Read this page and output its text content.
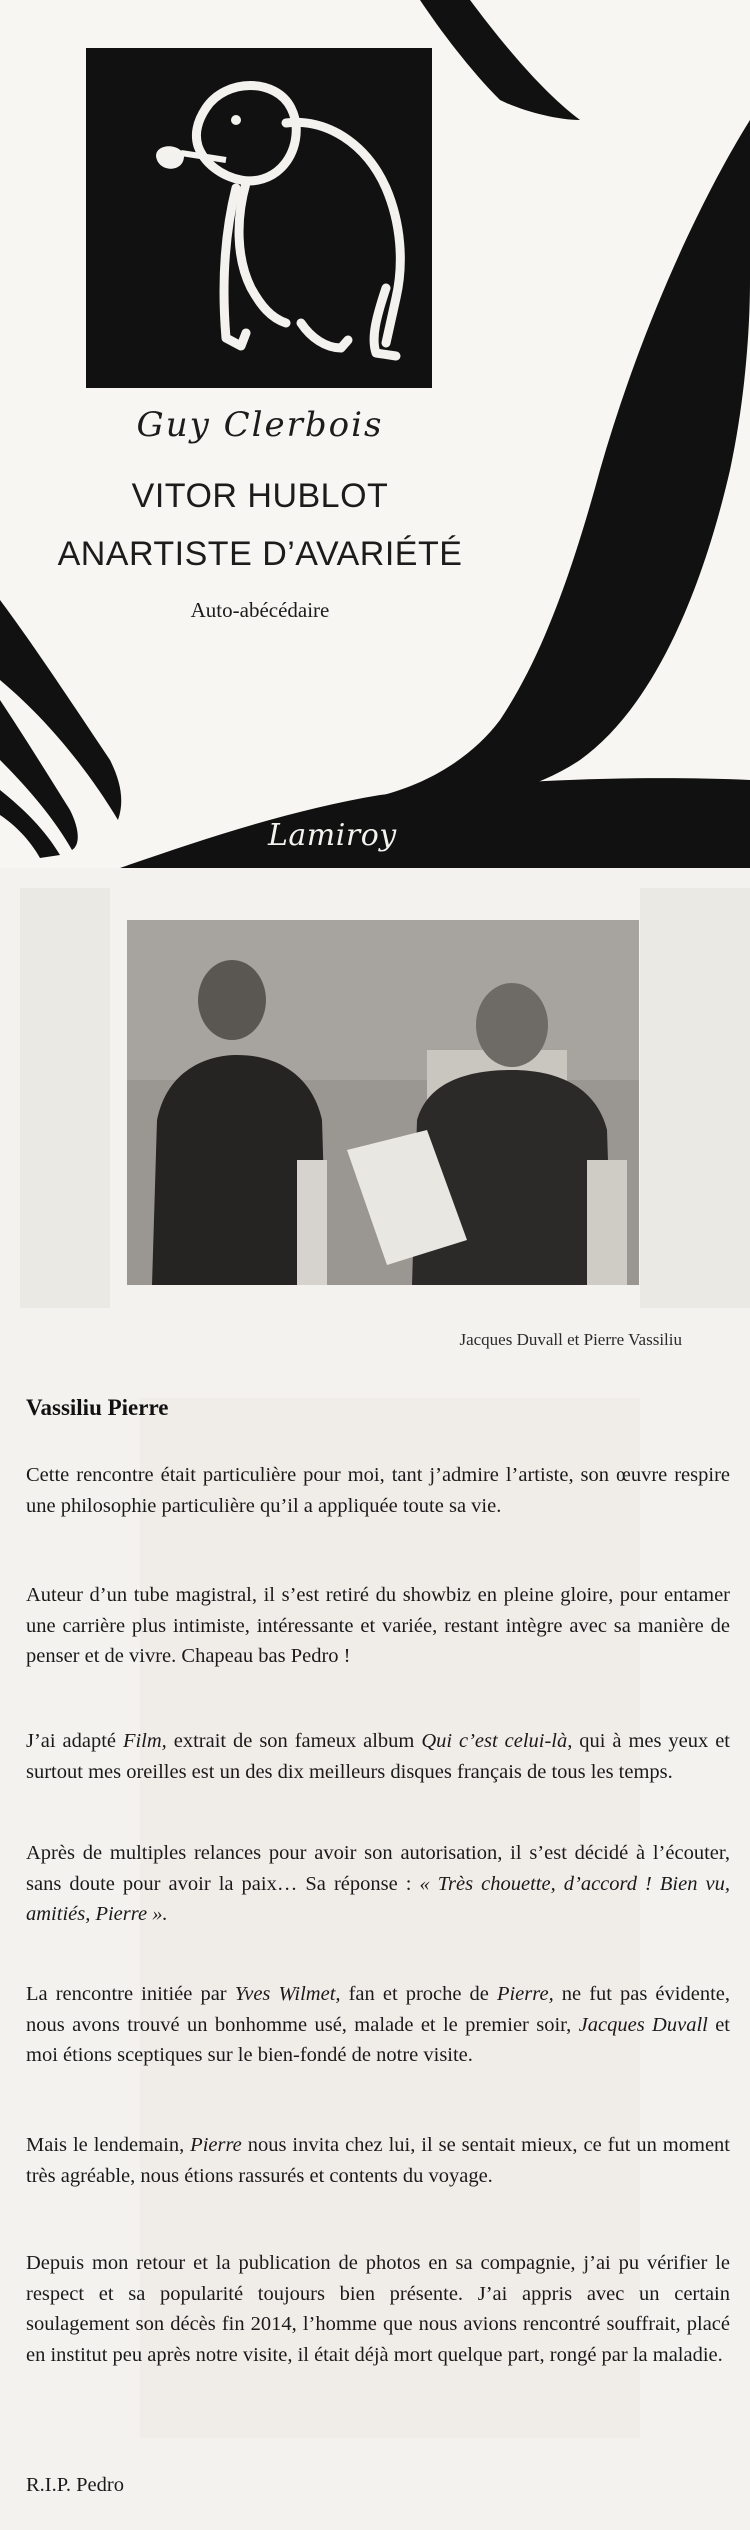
Guy Clerbois
VITOR HUBLOT
ANARTISTE D’AVARIÉTÉ
Auto-abécédaire
Lamiroy
Jacques Duvall et Pierre Vassiliu
Vassiliu Pierre
Cette rencontre était particulière pour moi, tant j’admire l’artiste, son œuvre respire une philosophie particulière qu’il a appliquée toute sa vie.
Auteur d’un tube magistral, il s’est retiré du showbiz en pleine gloire, pour entamer une carrière plus intimiste, intéressante et variée, restant intègre avec sa manière de penser et de vivre. Chapeau bas Pedro !
J’ai adapté Film, extrait de son fameux album Qui c’est celui-là, qui à mes yeux et surtout mes oreilles est un des dix meilleurs disques français de tous les temps.
Après de multiples relances pour avoir son autorisation, il s’est décidé à l’écouter, sans doute pour avoir la paix… Sa réponse : « Très chouette, d’accord ! Bien vu, amitiés, Pierre ».
La rencontre initiée par Yves Wilmet, fan et proche de Pierre, ne fut pas évidente, nous avons trouvé un bonhomme usé, malade et le premier soir, Jacques Duvall et moi étions sceptiques sur le bien-fondé de notre visite.
Mais le lendemain, Pierre nous invita chez lui, il se sentait mieux, ce fut un moment très agréable, nous étions rassurés et contents du voyage.
Depuis mon retour et la publication de photos en sa compagnie, j’ai pu vérifier le respect et sa popularité toujours bien présente. J’ai appris avec un certain soulagement son décès fin 2014, l’homme que nous avions rencontré souffrait, placé en institut peu après notre visite, il était déjà mort quelque part, rongé par la maladie.
R.I.P. Pedro
